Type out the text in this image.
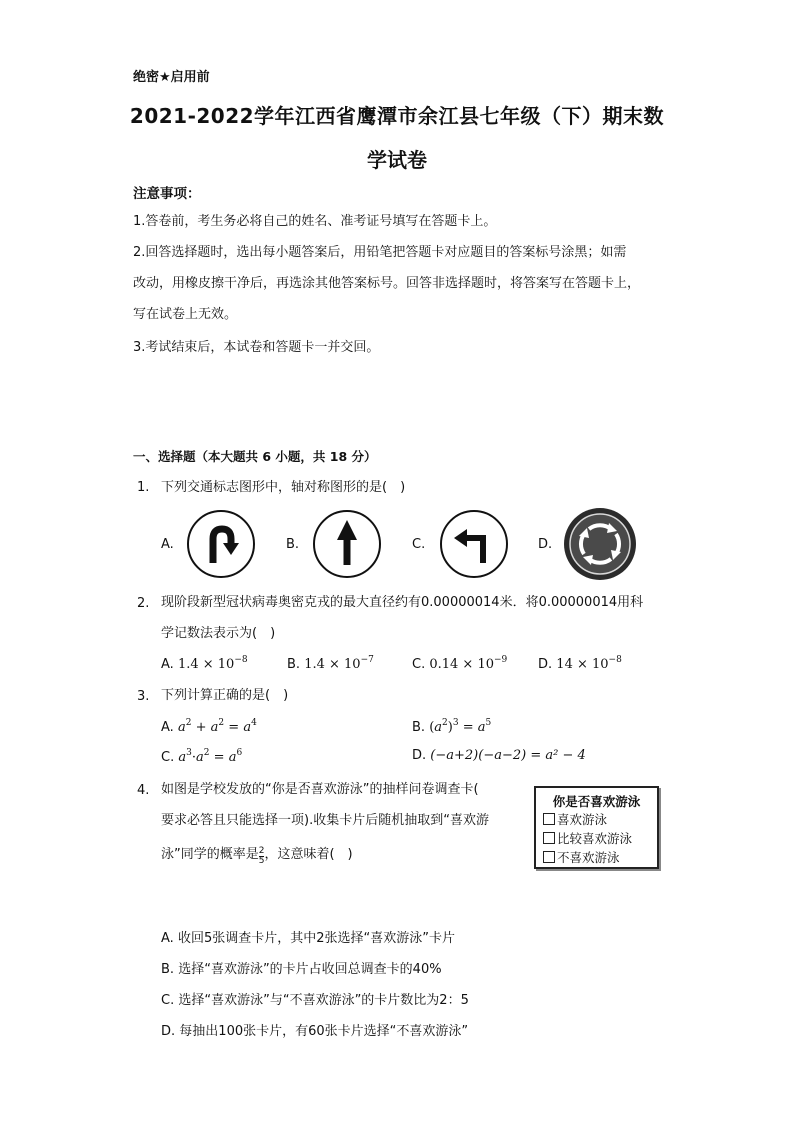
绝密★启用前
2021-2022学年江西省鹰潭市余江县七年级（下）期末数
学试卷
注意事项：
1.答卷前，考生务必将自己的姓名、准考证号填写在答题卡上。
2.回答选择题时，选出每小题答案后，用铅笔把答题卡对应题目的答案标号涂黑；如需
改动，用橡皮擦干净后，再选涂其他答案标号。回答非选择题时，将答案写在答题卡上，
写在试卷上无效。
3.考试结束后，本试卷和答题卡一并交回。
一、选择题（本大题共 6 小题，共 18 分）
1. 下列交通标志图形中，轴对称图形的是(　)
A.	B.	C.	D.
2. 现阶段新型冠状病毒奥密克戎的最大直径约有0.00000014米．将0.00000014用科
学记数法表示为(　)
A. $1.4 \times 10^{-8}$	B. $1.4 \times 10^{-7}$	C. $0.14 \times 10^{-9}$ D. $14 \times 10^{-8}$
3. 下列计算正确的是(　)
A. $a^2 + a^2 = a^4$	B. $(a^2)^3 = a^5$
C. $a^3\cdot a^2 = a^6$	D. (−a+2)(−a−2) = a² − 4
4. 如图是学校发放的“你是否喜欢游泳”的抽样问卷调查卡(
要求必答且只能选择一项).收集卡片后随机抽取到“喜欢游
泳”同学的概率是 $\frac{2}{5}$ ，这意味着(　)
你是否喜欢游泳
喜欢游泳
比较喜欢游泳
不喜欢游泳
A. 收回5张调查卡片，其中2张选择“喜欢游泳”卡片
B. 选择“喜欢游泳”的卡片占收回总调查卡的40%
C. 选择“喜欢游泳”与“不喜欢游泳”的卡片数比为2：5
D. 每抽出100张卡片，有60张卡片选择“不喜欢游泳”
